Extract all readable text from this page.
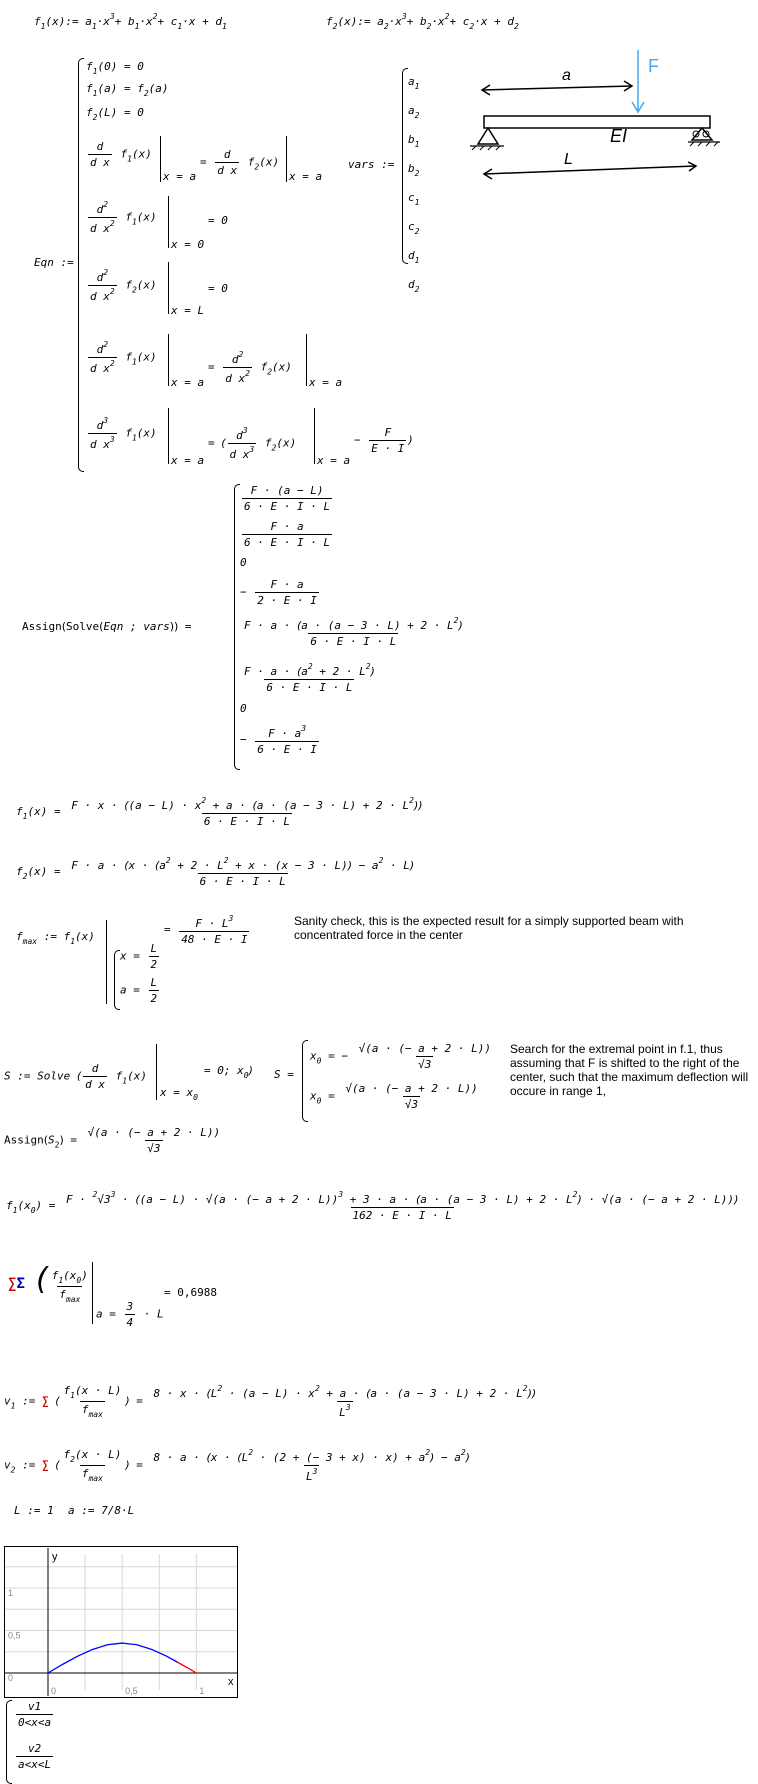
$f_1(x):= a_1\cdot x^3+ b_1\cdot x^2+ c_1\cdot x + d_1$	$f_2(x):= a_2\cdot x^3+ b_2\cdot x^2+ c_2\cdot x + d_2$
Eqn :=
$f_1(0) = 0$
$f_1(a) = f_2(a)$
$f_2(L) = 0$
$\frac{d}{\text{d x}} f_1(x)$
x = a
= $\frac{d}{\text{d x}} f_2(x)$
x = a
$\frac{d^2}{d x^2} f_1(x)$
x = 0
= 0
$\frac{d^2}{d x^2} f_2(x)$
x = L
= 0
$\frac{d^2}{d x^2} f_1(x)$
x = a
= $\frac{d^2}{d x^2} f_2(x)$
x = a
$\frac{d^3}{d x^3} f_1(x)$
x = a
= ( $\frac{d^3}{d x^3} f_2(x)$
x = a
− $\frac{F}{E \cdot I}$ )
vars :=
$a_1$
$a_2$
$b_1$
$b_2$
$c_1$
$c_2$
$d_1$
$d_2$
a	F
EI
L
Assign(Solve(Eqn ; vars)) =
$\frac{F \cdot (a - L)}{6 \cdot E \cdot I \cdot L}$
$\frac{F \cdot a}{6 \cdot E \cdot I \cdot L}$
0
− $\frac{F \cdot a}{2 \cdot E \cdot I}$
$\frac{F \cdot a \cdot (a \cdot (a - 3 \cdot L) + 2 \cdot L^2)}{6 \cdot E \cdot I \cdot L}$
$\frac{F \cdot a \cdot (a^2 + 2 \cdot L^2)}{6 \cdot E \cdot I \cdot L}$
0
− $\frac{F \cdot a^3}{6 \cdot E \cdot I}$
$f_1(x) = \frac{F \cdot x \cdot ((a - L) \cdot x^2 + a \cdot (a \cdot (a - 3 \cdot L) + 2 \cdot L^2))}{6 \cdot E \cdot I \cdot L}$
$f_2(x) = \frac{F \cdot a \cdot (x \cdot (a^2 + 2 \cdot L^2 + x \cdot (x - 3 \cdot L)) - a^2 \cdot L)}{6 \cdot E \cdot I \cdot L}$
$f_{max}$ := $f_1(x)$
$x = \frac{L}{2}$
$a = \frac{L}{2}$
= $\frac{F \cdot L^3}{48 \cdot E \cdot I}$	Sanity check, this is the expected result for a simply supported beam with concentrated force in the center
S := Solve ( $\frac{d}{\text{d x}} f_1(x)$
$x = x_0$
= 0; $x_0$) S =
$x_0$ = − $\frac{√(a \cdot (- a + 2 \cdot L))}{√3}$
$x_0 = \frac{√(a \cdot (- a + 2 \cdot L))}{√3}$
Search for the extremal point in f.1, thus assuming that F is shifted to the right of the center, such that the maximum deflection will occure in range 1,
$Assign(S_2) = \frac{√(a \cdot (- a + 2 \cdot L))}{√3}$
$f_1(x_0) = F \cdot ^2√3^3 \cdot ((a - L) \cdot √(a$ · (− $a + 2 \cdot L))^3 + 3 \cdot a \cdot (a \cdot (a - 3 \cdot L) + 2 \cdot L^2) \cdot √(a$ · (− a + 2 · L)))
162 · E · I · L
∑Σ ( $\frac{f_1(x_0)}{f_{max}}$
$a = \frac{3}{4} \cdot L$
= 0,6988
$v_1$ := ∑ ( $\frac{f_1(x \cdot L)}{f_{max}}$ ) = $\frac{8 \cdot x \cdot (L^2 \cdot (a - L) \cdot x^2 + a \cdot (a \cdot (a - 3 \cdot L) + 2 \cdot L^2))}{L^3}$
$v_2$ := ∑ ( $\frac{f_2(x \cdot L)}{f_{max}}$ ) = $\frac{8 \cdot a \cdot (x \cdot (L^2 \cdot (2 + (- 3 + x) \cdot x) + a^2) - a^2)}{L^3}$
L := 1 a := 7/8·L
0	0,5	1
0
0,5
1
x
y
$\frac{v1}{0<x<a}$
$\frac{v2}{a<x<L}$
